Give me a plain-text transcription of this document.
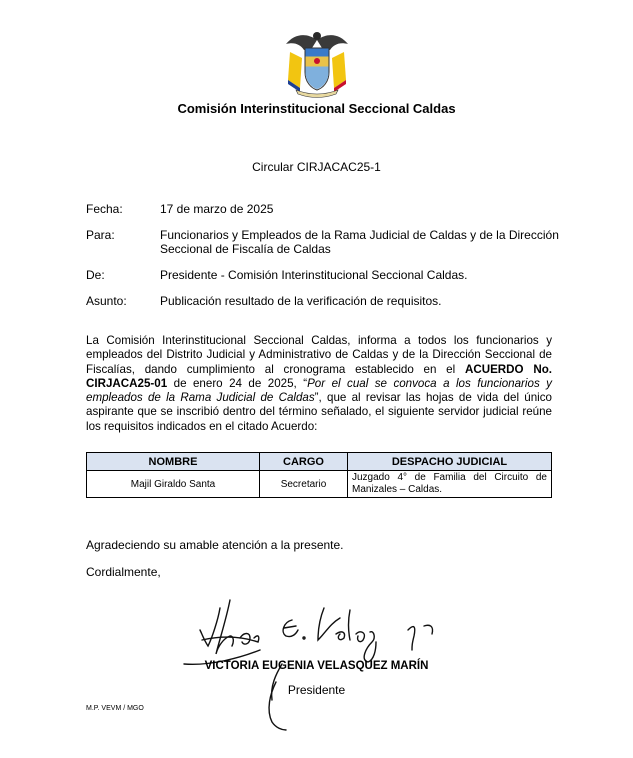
Comisión Interinstitucional Seccional Caldas
Circular CIRJACAC25-1
Fecha:	17 de marzo de 2025
Para:	Funcionarios y Empleados de la Rama Judicial de Caldas y de la Dirección Seccional de Fiscalía de Caldas
De:	Presidente - Comisión Interinstitucional Seccional Caldas.
Asunto:	Publicación resultado de la verificación de requisitos.
La Comisión Interinstitucional Seccional Caldas, informa a todos los funcionarios y empleados del Distrito Judicial y Administrativo de Caldas y de la Dirección Seccional de Fiscalías, dando cumplimiento al cronograma establecido en el ACUERDO No. CIRJACA25-01 de enero 24 de 2025, “Por el cual se convoca a los funcionarios y empleados de la Rama Judicial de Caldas”, que al revisar las hojas de vida del único aspirante que se inscribió dentro del término señalado, el siguiente servidor judicial reúne los requisitos indicados en el citado Acuerdo:
NOMBRE	CARGO	DESPACHO JUDICIAL
Majil Giraldo Santa	Secretario	Juzgado 4° de Familia del Circuito de Manizales – Caldas.
Agradeciendo su amable atención a la presente.
Cordialmente,
VICTORIA EUGENIA VELASQUEZ MARÍN
Presidente
M.P. VEVM / MGO
